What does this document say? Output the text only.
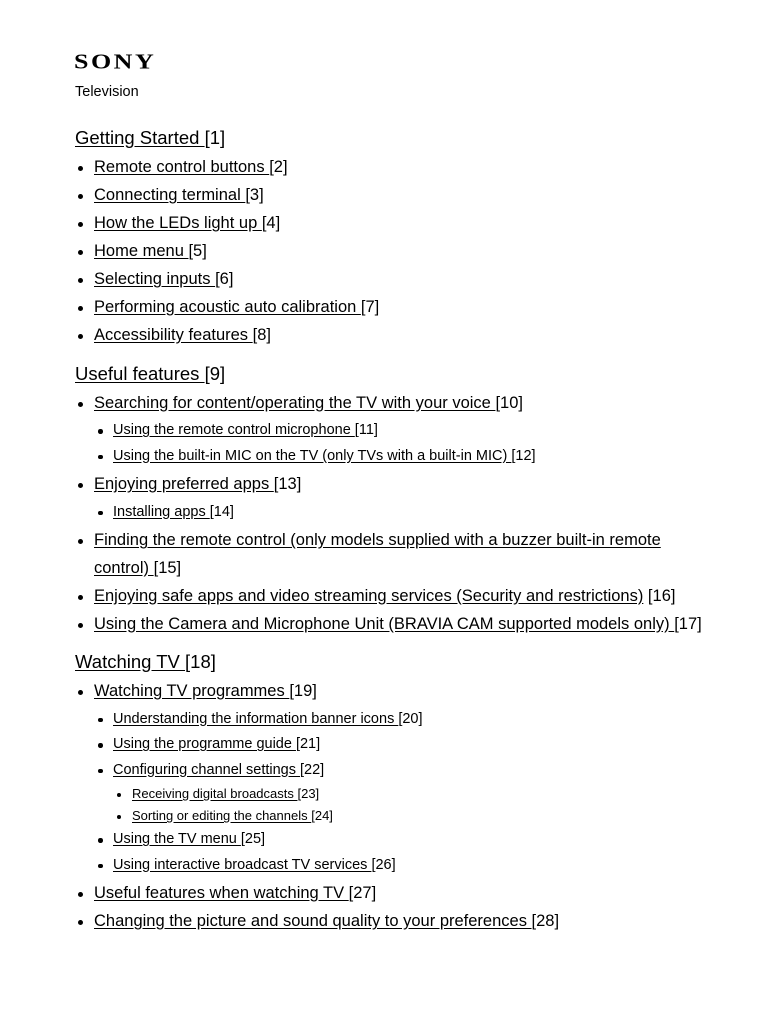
SONY
Television
Getting Started [1]
Remote control buttons [2]
Connecting terminal [3]
How the LEDs light up [4]
Home menu [5]
Selecting inputs [6]
Performing acoustic auto calibration [7]
Accessibility features [8]
Useful features [9]
Searching for content/operating the TV with your voice [10]
Using the remote control microphone [11]
Using the built-in MIC on the TV (only TVs with a built-in MIC) [12]
Enjoying preferred apps [13]
Installing apps [14]
Finding the remote control (only models supplied with a buzzer built-in remote control) [15]
Enjoying safe apps and video streaming services (Security and restrictions) [16]
Using the Camera and Microphone Unit (BRAVIA CAM supported models only) [17]
Watching TV [18]
Watching TV programmes [19]
Understanding the information banner icons [20]
Using the programme guide [21]
Configuring channel settings [22]
Receiving digital broadcasts [23]
Sorting or editing the channels [24]
Using the TV menu [25]
Using interactive broadcast TV services [26]
Useful features when watching TV [27]
Changing the picture and sound quality to your preferences [28]
